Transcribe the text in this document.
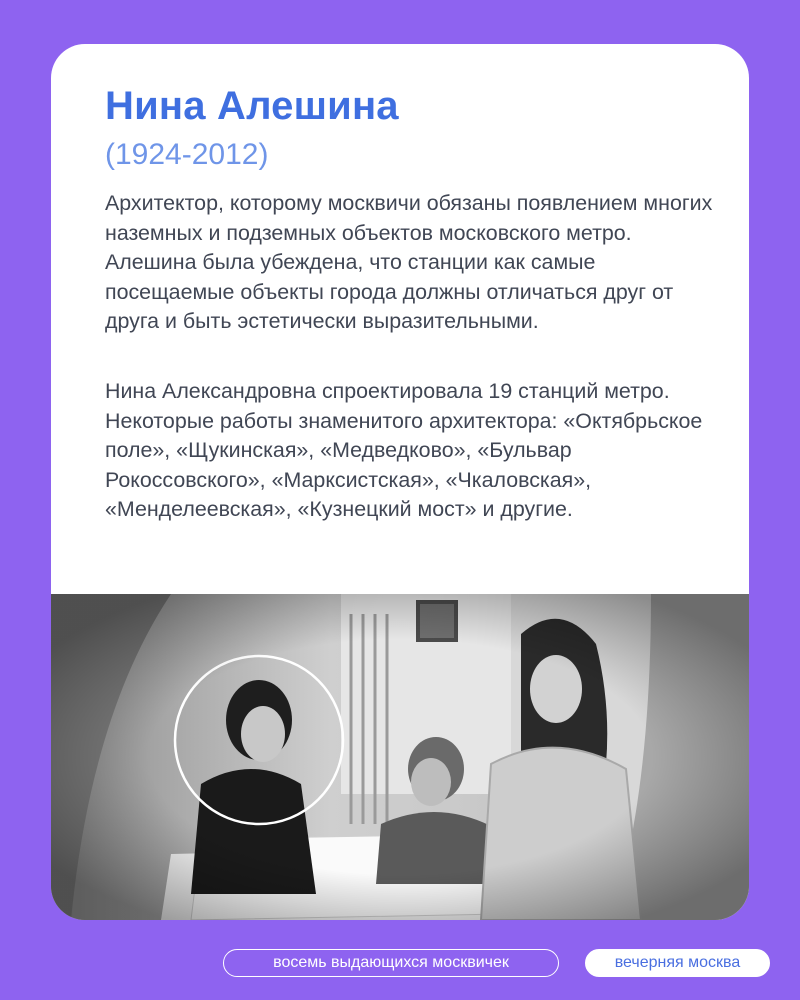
Нина Алешина
(1924-2012)
Архитектор, которому москвичи обязаны появлением многих наземных и подземных объектов московского метро. Алешина была убеждена, что станции как самые посещаемые объекты города должны отличаться друг от друга и быть эстетически выразительными.
Нина Александровна спроектировала 19 станций метро. Некоторые работы знаменитого архитектора: «Октябрьское поле», «Щукинская», «Медведково», «Бульвар Рокоссовского», «Марксистская», «Чкаловская», «Менделеевская», «Кузнецкий мост» и другие.
восемь выдающихся москвичек	вечерняя москва
